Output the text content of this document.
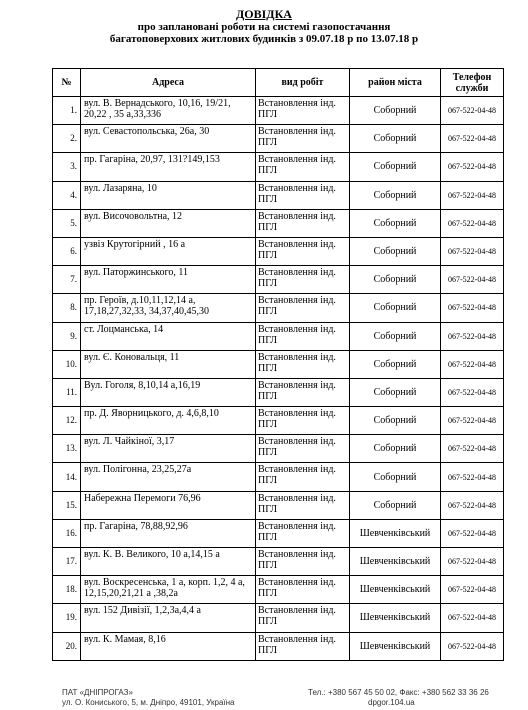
ДОВІДКА
про заплановані роботи на системі газопостачання
багатоповерхових житлових будинків з 09.07.18 р по 13.07.18 р
№	Адреса	вид робіт	район міста	Телефон служби
1.	вул. В. Вернадського, 10,16, 19/21, 20,22 , 35 а,33,336	Встановлення інд. ПГЛ	Соборний	067-522-04-48
2.	вул. Севастопольська, 26а, 30	Встановлення інд. ПГЛ	Соборний	067-522-04-48
3.	пр. Гагаріна, 20,97, 131?149,153	Встановлення інд. ПГЛ	Соборний	067-522-04-48
4.	вул. Лазаряна, 10	Встановлення інд. ПГЛ	Соборний	067-522-04-48
5.	вул. Височовольтна, 12	Встановлення інд. ПГЛ	Соборний	067-522-04-48
6.	узвіз Крутогірний , 16 а	Встановлення інд. ПГЛ	Соборний	067-522-04-48
7.	вул. Паторжинського, 11	Встановлення інд. ПГЛ	Соборний	067-522-04-48
8.	пр. Героїв, д.10,11,12,14 а, 17,18,27,32,33, 34,37,40,45,30	Встановлення інд. ПГЛ	Соборний	067-522-04-48
9.	ст. Лоцманська, 14	Встановлення інд. ПГЛ	Соборний	067-522-04-48
10.	вул. Є. Коновальця, 11	Встановлення інд. ПГЛ	Соборний	067-522-04-48
11.	Вул. Гоголя, 8,10,14 а,16,19	Встановлення інд. ПГЛ	Соборний	067-522-04-48
12.	пр. Д. Яворницького, д. 4,6,8,10	Встановлення інд. ПГЛ	Соборний	067-522-04-48
13.	вул. Л. Чайкіної, 3,17	Встановлення інд. ПГЛ	Соборний	067-522-04-48
14.	вул. Полігонна, 23,25,27а	Встановлення інд. ПГЛ	Соборний	067-522-04-48
15.	Набережна Перемоги 76,96	Встановлення інд. ПГЛ	Соборний	067-522-04-48
16.	пр. Гагаріна, 78,88,92,96	Встановлення інд. ПГЛ	Шевченківський	067-522-04-48
17.	вул. К. В. Великого, 10 а,14,15 а	Встановлення інд. ПГЛ	Шевченківський	067-522-04-48
18.	вул. Воскресенська, 1 а, корп. 1,2, 4 а, 12,15,20,21,21 а ,38,2а	Встановлення інд. ПГЛ	Шевченківський	067-522-04-48
19.	вул. 152 Дивізії, 1,2,3а,4,4 а	Встановлення інд. ПГЛ	Шевченківський	067-522-04-48
20.	вул. К. Мамая, 8,16	Встановлення інд. ПГЛ	Шевченківський	067-522-04-48
ПАТ «ДНІПРОГАЗ»
ул. О. Кониського, 5, м. Дніпро, 49101, Україна
Тел.: +380 567 45 50 02, Факс: +380 562 33 36 26
dpgor.104.ua
